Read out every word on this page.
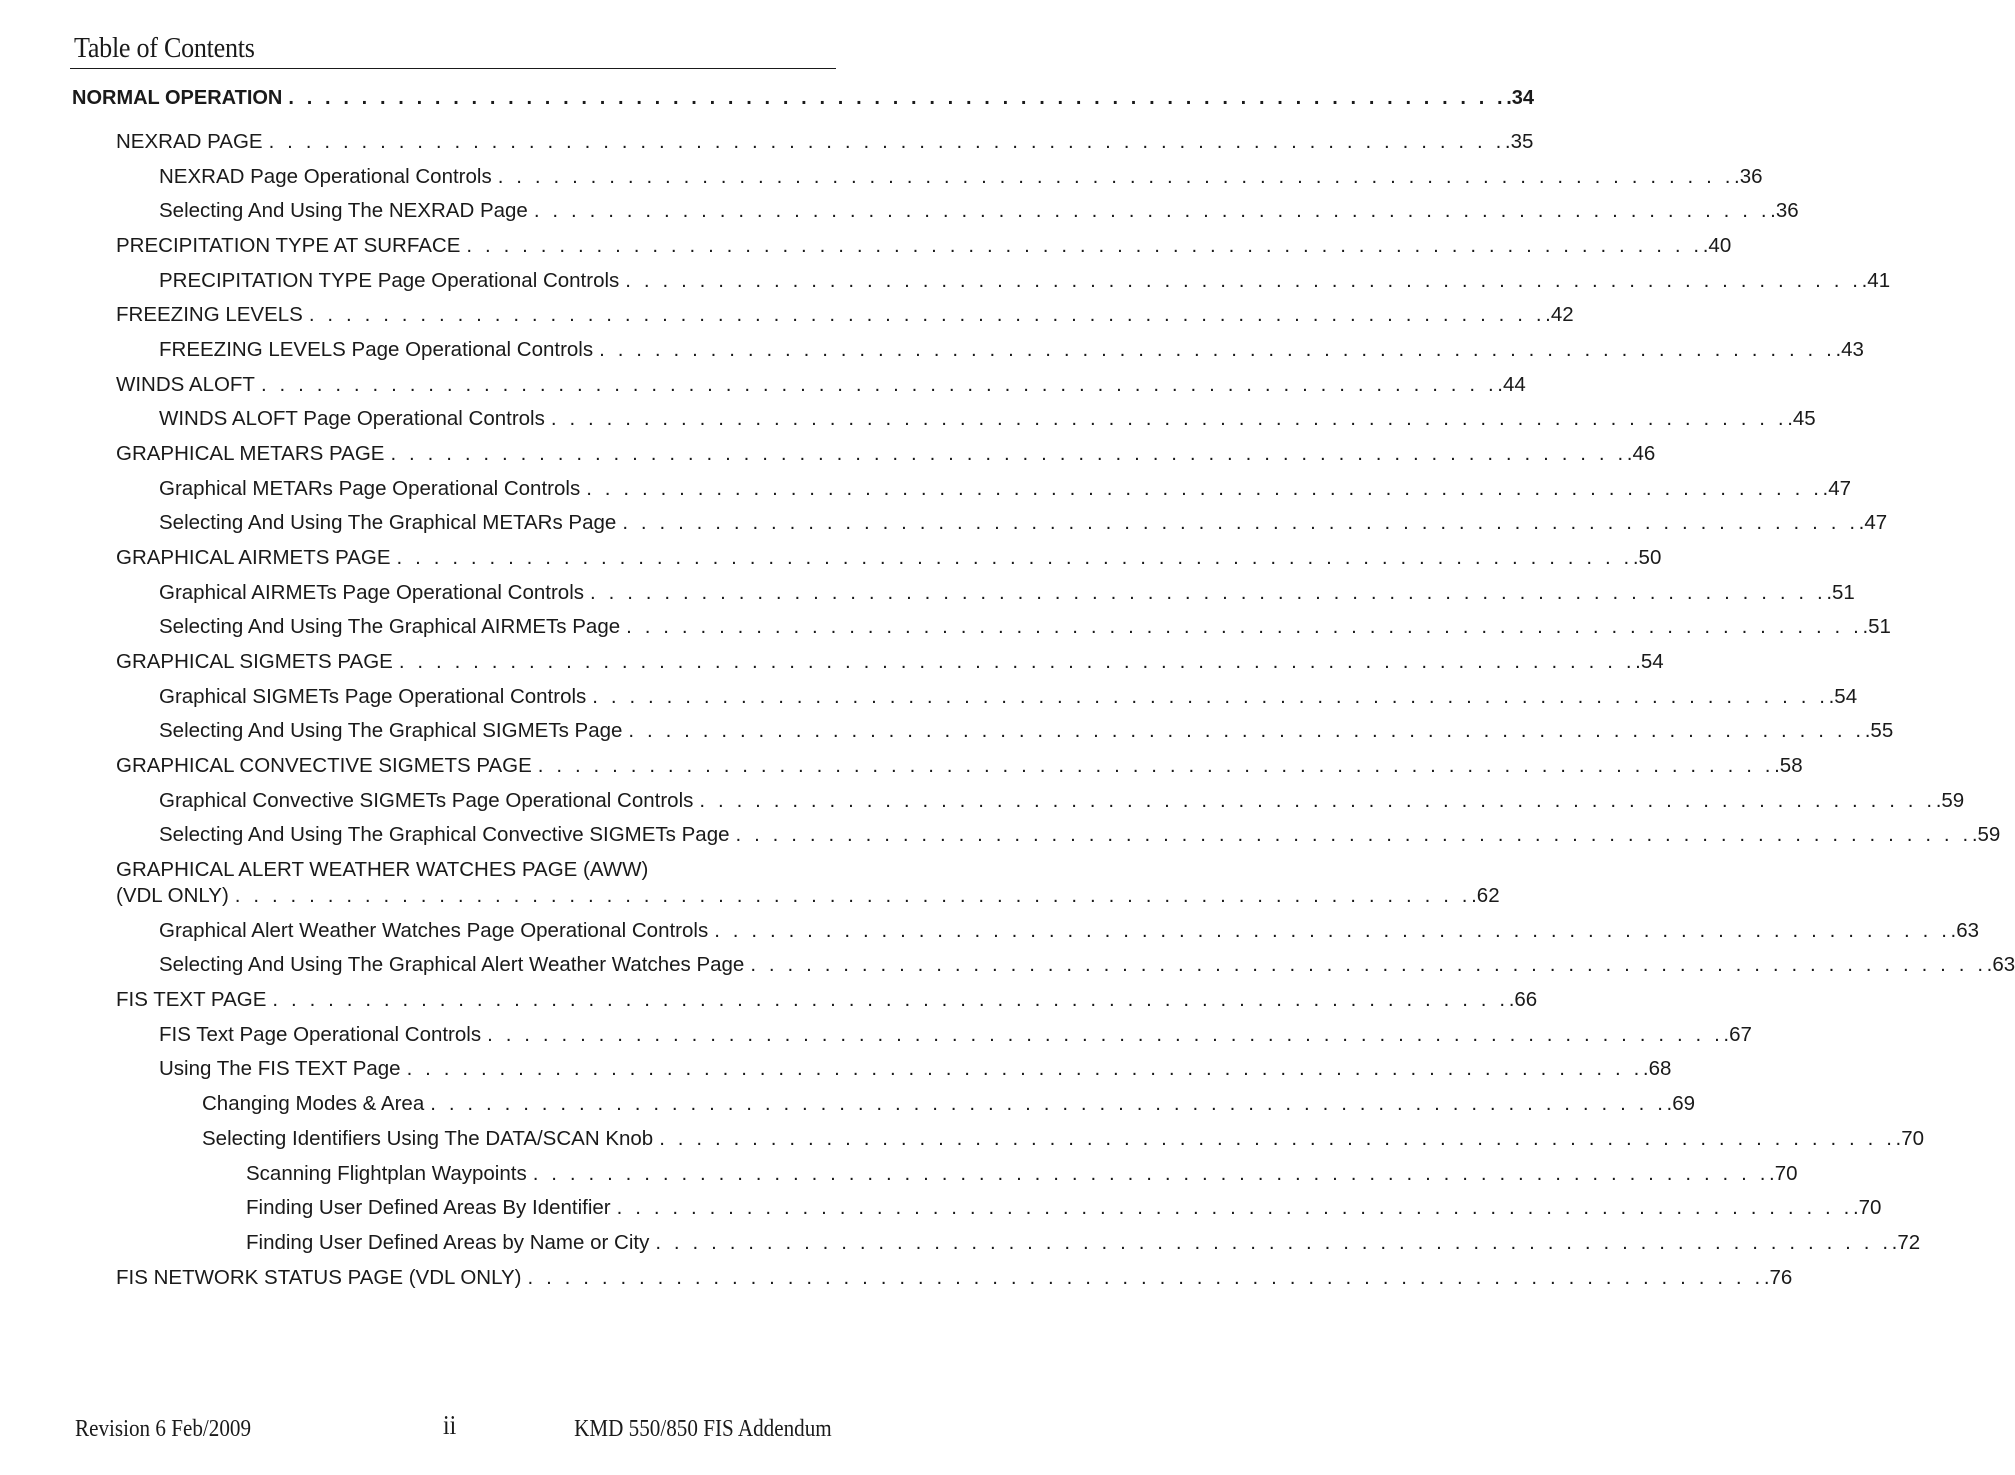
Table of Contents
NORMAL OPERATION . . . . . . . . . . . . . . . . . . . . . . . . . . . . . . . . . . . . . . . . . . . . . . . . . . . . . . . . . . . . . . . . . . . .34
NEXRAD PAGE . . . . . . . . . . . . . . . . . . . . . . . . . . . . . . . . . . . . . . . . . . . . . . . . . . . . . . . . . . . . . . . . . . . .35
NEXRAD Page Operational Controls . . . . . . . . . . . . . . . . . . . . . . . . . . . . . . . . . . . . . . . . . . . . . . . . . . . . . . . . . . . . . . . . . . . .36
Selecting And Using The NEXRAD Page . . . . . . . . . . . . . . . . . . . . . . . . . . . . . . . . . . . . . . . . . . . . . . . . . . . . . . . . . . . . . . . . . . . .36
PRECIPITATION TYPE AT SURFACE . . . . . . . . . . . . . . . . . . . . . . . . . . . . . . . . . . . . . . . . . . . . . . . . . . . . . . . . . . . . . . . . . . . .40
PRECIPITATION TYPE Page Operational Controls . . . . . . . . . . . . . . . . . . . . . . . . . . . . . . . . . . . . . . . . . . . . . . . . . . . . . . . . . . . . . . . . . . . .41
FREEZING LEVELS . . . . . . . . . . . . . . . . . . . . . . . . . . . . . . . . . . . . . . . . . . . . . . . . . . . . . . . . . . . . . . . . . . . .42
FREEZING LEVELS Page Operational Controls . . . . . . . . . . . . . . . . . . . . . . . . . . . . . . . . . . . . . . . . . . . . . . . . . . . . . . . . . . . . . . . . . . . .43
WINDS ALOFT . . . . . . . . . . . . . . . . . . . . . . . . . . . . . . . . . . . . . . . . . . . . . . . . . . . . . . . . . . . . . . . . . . . .44
WINDS ALOFT Page Operational Controls . . . . . . . . . . . . . . . . . . . . . . . . . . . . . . . . . . . . . . . . . . . . . . . . . . . . . . . . . . . . . . . . . . . .45
GRAPHICAL METARS PAGE . . . . . . . . . . . . . . . . . . . . . . . . . . . . . . . . . . . . . . . . . . . . . . . . . . . . . . . . . . . . . . . . . . . .46
Graphical METARs Page Operational Controls . . . . . . . . . . . . . . . . . . . . . . . . . . . . . . . . . . . . . . . . . . . . . . . . . . . . . . . . . . . . . . . . . . . .47
Selecting And Using The Graphical METARs Page . . . . . . . . . . . . . . . . . . . . . . . . . . . . . . . . . . . . . . . . . . . . . . . . . . . . . . . . . . . . . . . . . . . .47
GRAPHICAL AIRMETS PAGE . . . . . . . . . . . . . . . . . . . . . . . . . . . . . . . . . . . . . . . . . . . . . . . . . . . . . . . . . . . . . . . . . . . .50
Graphical AIRMETs Page Operational Controls . . . . . . . . . . . . . . . . . . . . . . . . . . . . . . . . . . . . . . . . . . . . . . . . . . . . . . . . . . . . . . . . . . . .51
Selecting And Using The Graphical AIRMETs Page . . . . . . . . . . . . . . . . . . . . . . . . . . . . . . . . . . . . . . . . . . . . . . . . . . . . . . . . . . . . . . . . . . . .51
GRAPHICAL SIGMETS PAGE . . . . . . . . . . . . . . . . . . . . . . . . . . . . . . . . . . . . . . . . . . . . . . . . . . . . . . . . . . . . . . . . . . . .54
Graphical SIGMETs Page Operational Controls . . . . . . . . . . . . . . . . . . . . . . . . . . . . . . . . . . . . . . . . . . . . . . . . . . . . . . . . . . . . . . . . . . . .54
Selecting And Using The Graphical SIGMETs Page . . . . . . . . . . . . . . . . . . . . . . . . . . . . . . . . . . . . . . . . . . . . . . . . . . . . . . . . . . . . . . . . . . . .55
GRAPHICAL CONVECTIVE SIGMETS PAGE . . . . . . . . . . . . . . . . . . . . . . . . . . . . . . . . . . . . . . . . . . . . . . . . . . . . . . . . . . . . . . . . . . . .58
Graphical Convective SIGMETs Page Operational Controls . . . . . . . . . . . . . . . . . . . . . . . . . . . . . . . . . . . . . . . . . . . . . . . . . . . . . . . . . . . . . . . . . . . .59
Selecting And Using The Graphical Convective SIGMETs Page . . . . . . . . . . . . . . . . . . . . . . . . . . . . . . . . . . . . . . . . . . . . . . . . . . . . . . . . . . . . . . . . . . . .59
GRAPHICAL ALERT WEATHER WATCHES PAGE (AWW)
(VDL ONLY) . . . . . . . . . . . . . . . . . . . . . . . . . . . . . . . . . . . . . . . . . . . . . . . . . . . . . . . . . . . . . . . . . . . .62
Graphical Alert Weather Watches Page Operational Controls . . . . . . . . . . . . . . . . . . . . . . . . . . . . . . . . . . . . . . . . . . . . . . . . . . . . . . . . . . . . . . . . . . . .63
Selecting And Using The Graphical Alert Weather Watches Page . . . . . . . . . . . . . . . . . . . . . . . . . . . . . . . . . . . . . . . . . . . . . . . . . . . . . . . . . . . . . . . . . . . .63
FIS TEXT PAGE . . . . . . . . . . . . . . . . . . . . . . . . . . . . . . . . . . . . . . . . . . . . . . . . . . . . . . . . . . . . . . . . . . . .66
FIS Text Page Operational Controls . . . . . . . . . . . . . . . . . . . . . . . . . . . . . . . . . . . . . . . . . . . . . . . . . . . . . . . . . . . . . . . . . . . .67
Using The FIS TEXT Page . . . . . . . . . . . . . . . . . . . . . . . . . . . . . . . . . . . . . . . . . . . . . . . . . . . . . . . . . . . . . . . . . . . .68
Changing Modes & Area . . . . . . . . . . . . . . . . . . . . . . . . . . . . . . . . . . . . . . . . . . . . . . . . . . . . . . . . . . . . . . . . . . . .69
Selecting Identifiers Using The DATA/SCAN Knob . . . . . . . . . . . . . . . . . . . . . . . . . . . . . . . . . . . . . . . . . . . . . . . . . . . . . . . . . . . . . . . . . . . .70
Scanning Flightplan Waypoints . . . . . . . . . . . . . . . . . . . . . . . . . . . . . . . . . . . . . . . . . . . . . . . . . . . . . . . . . . . . . . . . . . . .70
Finding User Defined Areas By Identifier . . . . . . . . . . . . . . . . . . . . . . . . . . . . . . . . . . . . . . . . . . . . . . . . . . . . . . . . . . . . . . . . . . . .70
Finding User Defined Areas by Name or City . . . . . . . . . . . . . . . . . . . . . . . . . . . . . . . . . . . . . . . . . . . . . . . . . . . . . . . . . . . . . . . . . . . .72
FIS NETWORK STATUS PAGE (VDL ONLY) . . . . . . . . . . . . . . . . . . . . . . . . . . . . . . . . . . . . . . . . . . . . . . . . . . . . . . . . . . . . . . . . . . . .76
Revision 6 Feb/2009	ii	KMD 550/850 FIS Addendum
